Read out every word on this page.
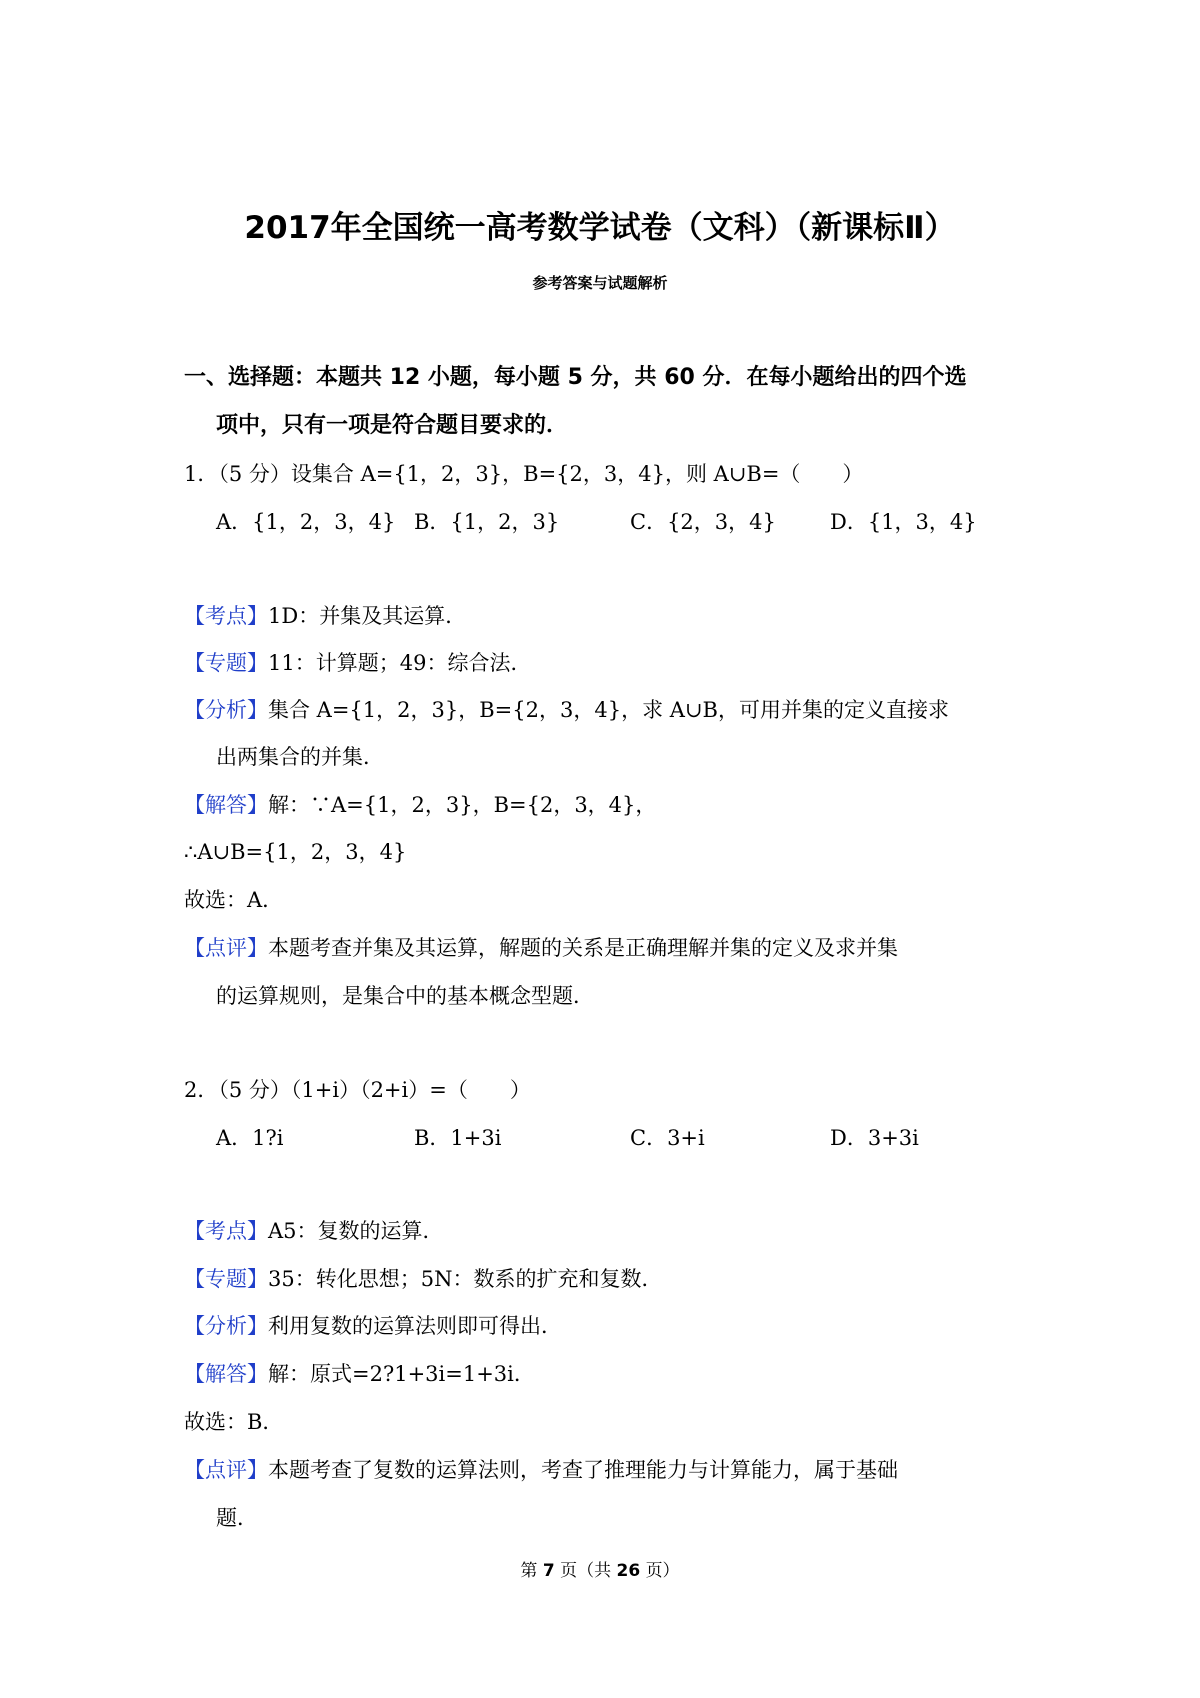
2017年全国统一高考数学试卷（文科）（新课标Ⅱ）
参考答案与试题解析
一、选择题：本题共 12 小题，每小题 5 分，共 60 分．在每小题给出的四个选
项中，只有一项是符合题目要求的．
1．（5 分）设集合 A={1，2，3}，B={2，3，4}，则 A∪B=（　　）
A．{1，2，3，4} B．{1，2，3}	C．{2，3，4}	D．{1，3，4}
【考点】1D：并集及其运算．
【专题】11：计算题；49：综合法．
【分析】集合 A={1，2，3}，B={2，3，4}，求 A∪B，可用并集的定义直接求
出两集合的并集．
【解答】解：∵A={1，2，3}，B={2，3，4}，
∴A∪B={1，2，3，4}
故选：A．
【点评】本题考查并集及其运算，解题的关系是正确理解并集的定义及求并集
的运算规则，是集合中的基本概念型题．
2．（5 分）（1+i）（2+i）=（　　）
A．1?i	B．1+3i	C．3+i	D．3+3i
【考点】A5：复数的运算．
【专题】35：转化思想；5N：数系的扩充和复数．
【分析】利用复数的运算法则即可得出．
【解答】解：原式=2?1+3i=1+3i．
故选：B．
【点评】本题考查了复数的运算法则，考查了推理能力与计算能力，属于基础
题．
第 7 页（共 26 页）
